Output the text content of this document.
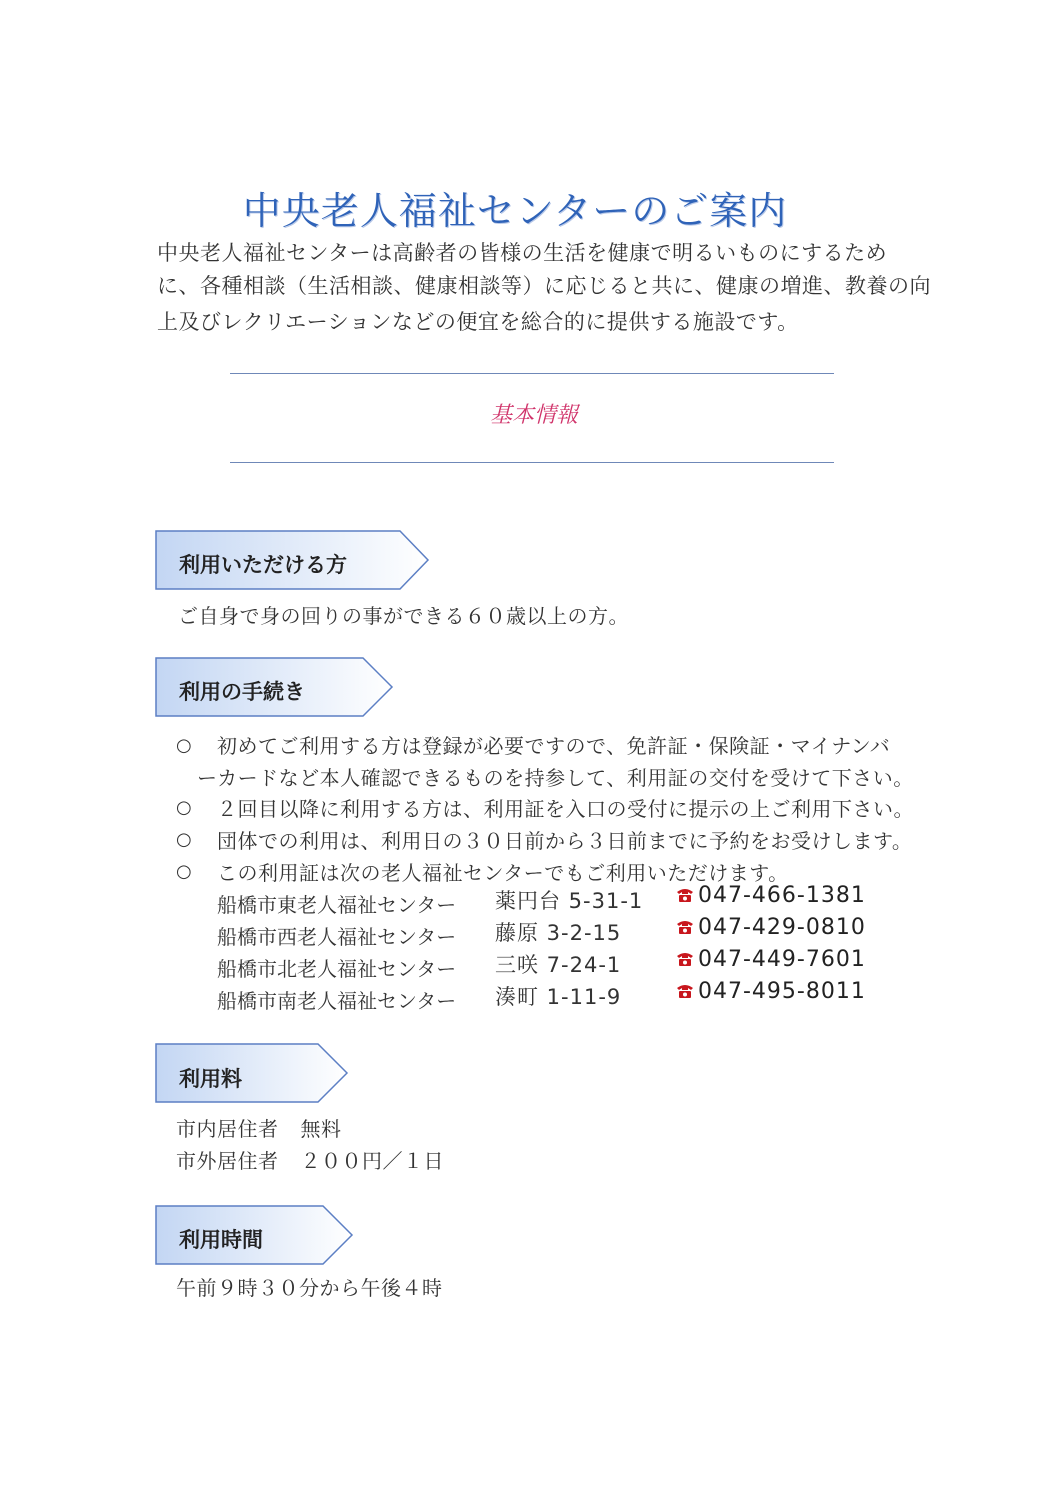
中央老人福祉センターのご案内
中央老人福祉センターは高齢者の皆様の生活を健康で明るいものにするため
に、各種相談（生活相談、健康相談等）に応じると共に、健康の増進、教養の向
上及びレクリエーションなどの便宜を総合的に提供する施設です。
基本情報
利用いただける方
ご自身で身の回りの事ができる６０歳以上の方。
利用の手続き
○ 初めてご利用する方は登録が必要ですので、免許証・保険証・マイナンバ
ーカードなど本人確認できるものを持参して、利用証の交付を受けて下さい。
○ ２回目以降に利用する方は、利用証を入口の受付に提示の上ご利用下さい。
○ 団体での利用は、利用日の３０日前から３日前までに予約をお受けします。
○ この利用証は次の老人福祉センターでもご利用いただけます。
船橋市東老人福祉センター 薬円台 5-31-1	047-466-1381
船橋市西老人福祉センター 藤原 3-2-15	047-429-0810
船橋市北老人福祉センター 三咲 7-24-1	047-449-7601
船橋市南老人福祉センター 湊町 1-11-9	047-495-8011
利用料
市内居住者 無料
市外居住者 ２００円／１日
利用時間
午前９時３０分から午後４時
